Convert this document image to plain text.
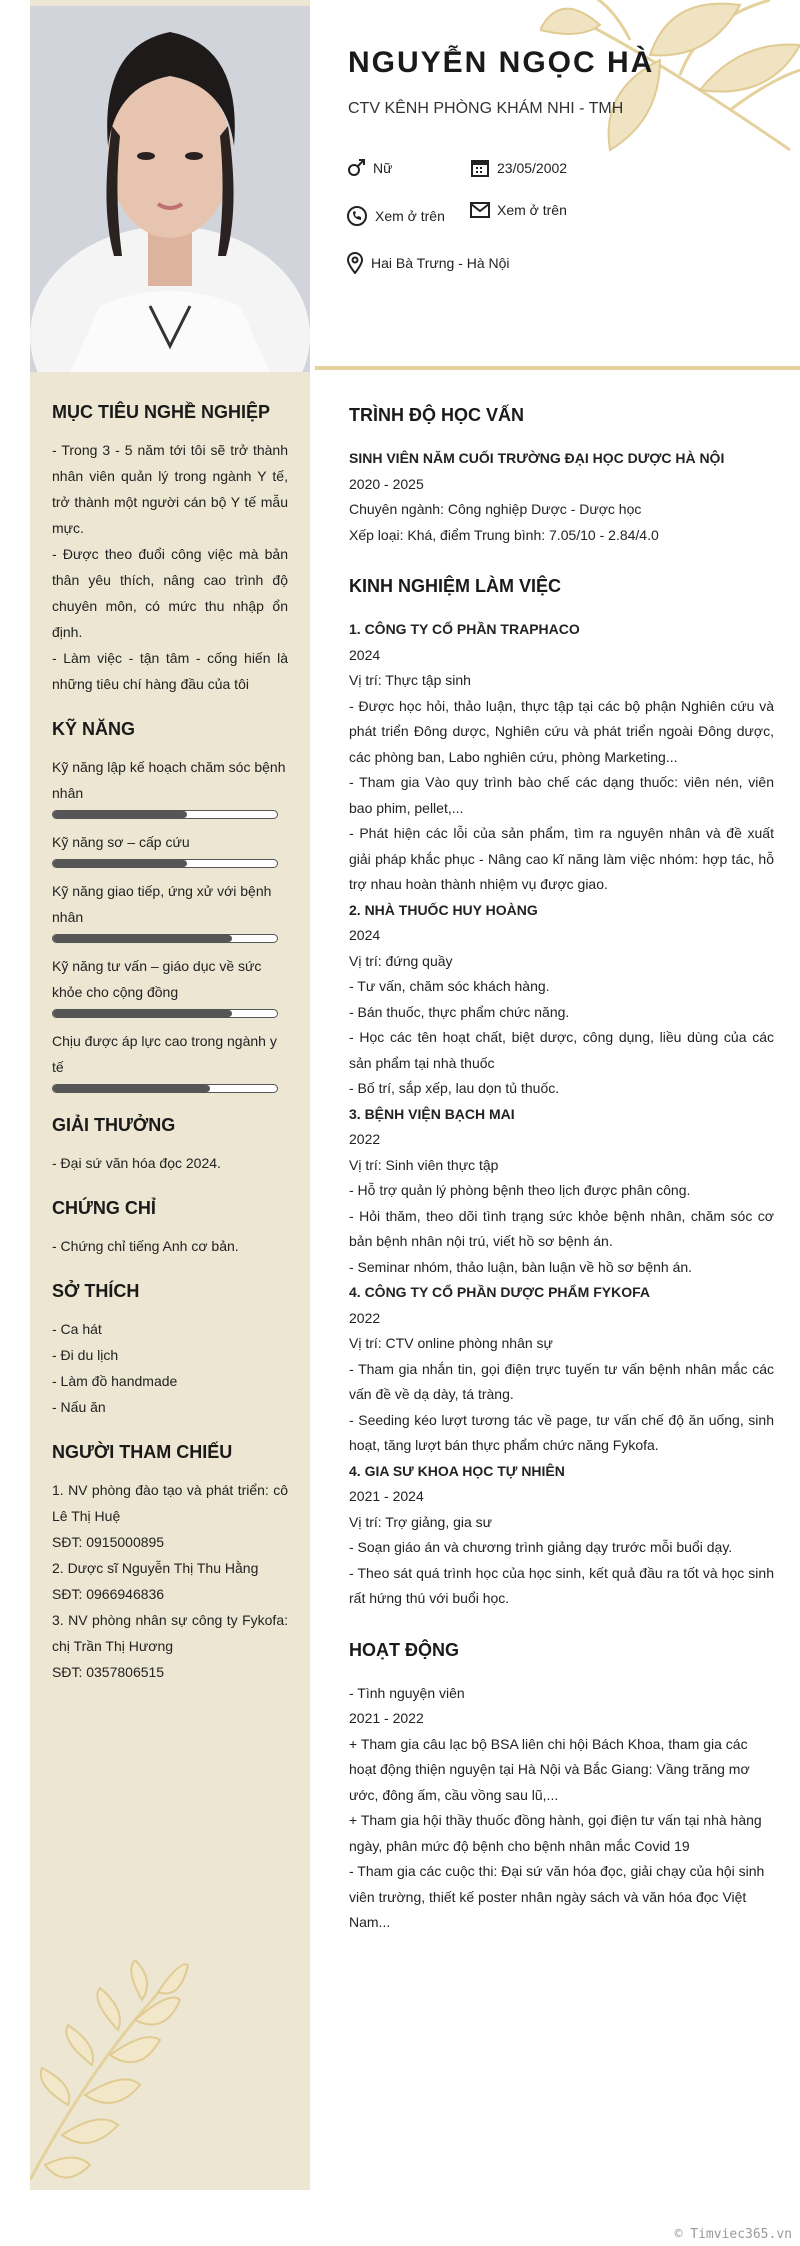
MỤC TIÊU NGHỀ NGHIỆP

- Trong 3 - 5 năm tới tôi sẽ trở thành nhân viên quản lý trong ngành Y tế, trở thành một người cán bộ Y tế mẫu mực.

- Được theo đuổi công việc mà bản thân yêu thích, nâng cao trình độ chuyên môn, có mức thu nhập ổn định.

- Làm việc - tận tâm - cống hiến là những tiêu chí hàng đầu của tôi

KỸ NĂNG

Kỹ năng lập kế hoạch chăm sóc bệnh nhân

Kỹ năng sơ – cấp cứu

Kỹ năng giao tiếp, ứng xử với bệnh nhân

Kỹ năng tư vấn – giáo dục về sức khỏe cho cộng đồng

Chịu được áp lực cao trong ngành y tế

GIẢI THƯỞNG

- Đại sứ văn hóa đọc 2024.

CHỨNG CHỈ

- Chứng chỉ tiếng Anh cơ bản.

SỞ THÍCH

- Ca hát

- Đi du lịch

- Làm đồ handmade

- Nấu ăn

NGƯỜI THAM CHIẾU

1. NV phòng đào tạo và phát triển: cô Lê Thị Huệ

SĐT: 0915000895

2. Dược sĩ Nguyễn Thị Thu Hằng

SĐT: 0966946836

3. NV phòng nhân sự công ty Fykofa: chị Trần Thị Hương

SĐT: 0357806515

NGUYỄN NGỌC HÀ

CTV KÊNH PHÒNG KHÁM NHI - TMH

Nữ	23/05/2002
Xem ở trên	Xem ở trên
Hai Bà Trưng - Hà Nội
TRÌNH ĐỘ HỌC VẤN

SINH VIÊN NĂM CUỐI TRƯỜNG ĐẠI HỌC DƯỢC HÀ NỘI

2020 - 2025

Chuyên ngành: Công nghiệp Dược - Dược học

Xếp loại: Khá, điểm Trung bình: 7.05/10 - 2.84/4.0

KINH NGHIỆM LÀM VIỆC

1. CÔNG TY CỔ PHẦN TRAPHACO

2024

Vị trí: Thực tập sinh

- Được học hỏi, thảo luận, thực tập tại các bộ phận Nghiên cứu và phát triển Đông dược, Nghiên cứu và phát triển ngoài Đông dược, các phòng ban, Labo nghiên cứu, phòng Marketing...

- Tham gia Vào quy trình bào chế các dạng thuốc: viên nén, viên bao phim, pellet,...

- Phát hiện các lỗi của sản phẩm, tìm ra nguyên nhân và đề xuất giải pháp khắc phục - Nâng cao kĩ năng làm việc nhóm: hợp tác, hỗ trợ nhau hoàn thành nhiệm vụ được giao.

2. NHÀ THUỐC HUY HOÀNG

2024

Vị trí: đứng quầy

- Tư vấn, chăm sóc khách hàng.

- Bán thuốc, thực phẩm chức năng.

- Học các tên hoạt chất, biệt dược, công dụng, liều dùng của các sản phẩm tại nhà thuốc

- Bố trí, sắp xếp, lau dọn tủ thuốc.

3. BỆNH VIỆN BẠCH MAI

2022

Vị trí: Sinh viên thực tập

- Hỗ trợ quản lý phòng bệnh theo lịch được phân công.

- Hỏi thăm, theo dõi tình trạng sức khỏe bệnh nhân, chăm sóc cơ bản bệnh nhân nội trú, viết hồ sơ bệnh án.

- Seminar nhóm, thảo luận, bàn luận về hồ sơ bệnh án.

4. CÔNG TY CỔ PHẦN DƯỢC PHẨM FYKOFA

2022

Vị trí: CTV online phòng nhân sự

- Tham gia nhắn tin, gọi điện trực tuyến tư vấn bệnh nhân mắc các vấn đề về dạ dày, tá tràng.

- Seeding kéo lượt tương tác về page, tư vấn chế độ ăn uống, sinh hoạt, tăng lượt bán thực phẩm chức năng Fykofa.

4. GIA SƯ KHOA HỌC TỰ NHIÊN

2021 - 2024

Vị trí: Trợ giảng, gia sư

- Soạn giáo án và chương trình giảng dạy trước mỗi buổi dạy.

- Theo sát quá trình học của học sinh, kết quả đầu ra tốt và học sinh rất hứng thú với buổi học.

HOẠT ĐỘNG

- Tình nguyện viên

2021 - 2022

+ Tham gia câu lạc bộ BSA liên chi hội Bách Khoa, tham gia các hoạt động thiện nguyện tại Hà Nội và Bắc Giang: Vầng trăng mơ ước, đông ấm, cầu vồng sau lũ,...

+ Tham gia hội thầy thuốc đồng hành, gọi điện tư vấn tại nhà hàng ngày, phân mức độ bệnh cho bệnh nhân mắc Covid 19

- Tham gia các cuộc thi: Đại sứ văn hóa đọc, giải chạy của hội sinh viên trường, thiết kế poster nhân ngày sách và văn hóa đọc Việt Nam...

© Timviec365.vn
